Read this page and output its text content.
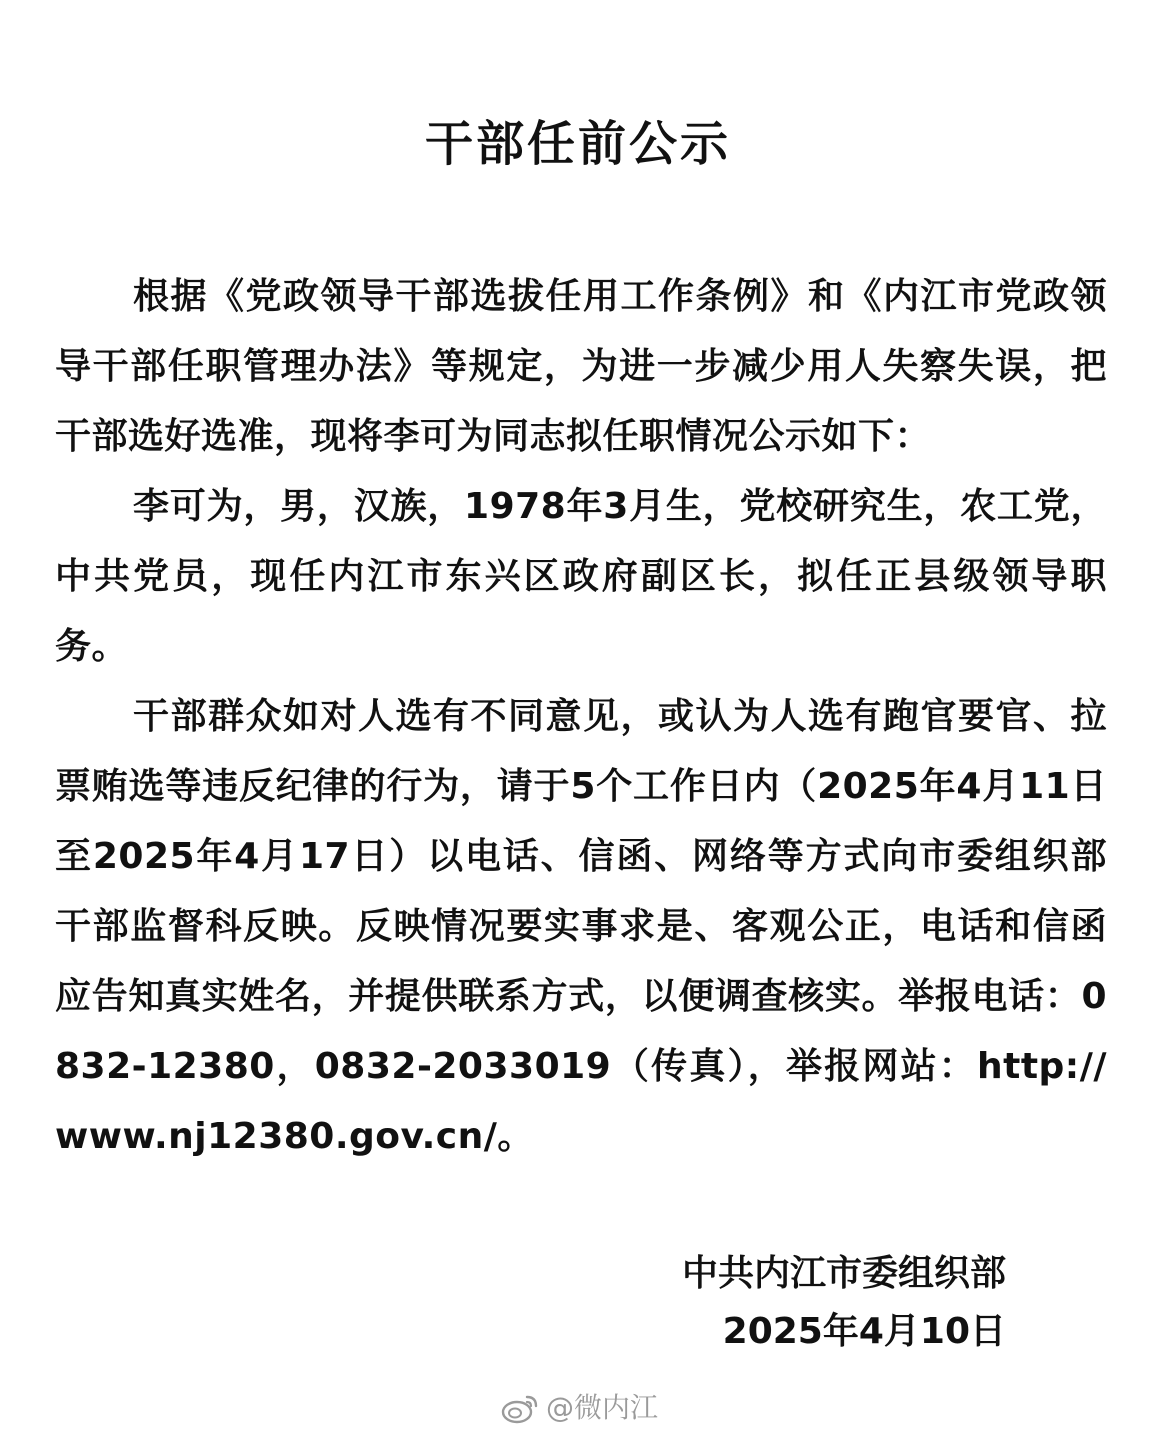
干部任前公示

根据《党政领导干部选拔任用工作条例》和《内江市党政领导干部任职管理办法》等规定，为进一步减少用人失察失误，把干部选好选准，现将李可为同志拟任职情况公示如下：

李可为，男，汉族，1978年3月生，党校研究生，农工党，中共党员，现任内江市东兴区政府副区长，拟任正县级领导职务。

干部群众如对人选有不同意见，或认为人选有跑官要官、拉票贿选等违反纪律的行为，请于5个工作日内（2025年4月11日至2025年4月17日）以电话、信函、网络等方式向市委组织部干部监督科反映。反映情况要实事求是、客观公正，电话和信函应告知真实姓名，并提供联系方式，以便调查核实。举报电话：0832-12380，0832-2033019（传真），举报网站：http://www.nj12380.gov.cn/。

中共内江市委组织部
2025年4月10日
@微内江
